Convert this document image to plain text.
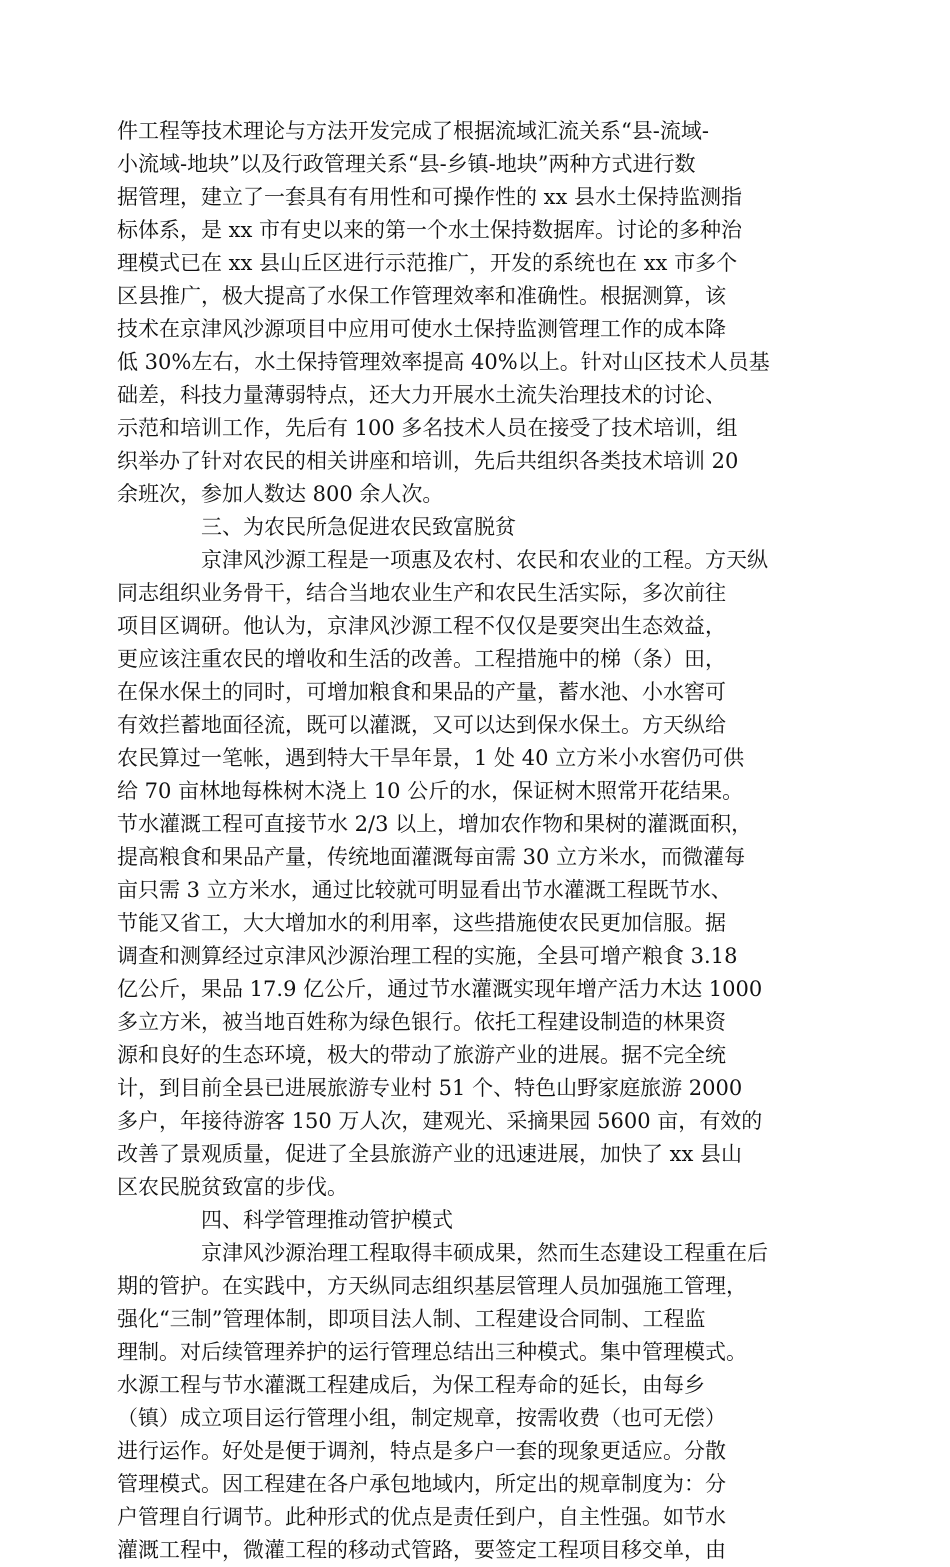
件工程等技术理论与方法开发完成了根据流域汇流关系“县-流域-
小流域-地块”以及行政管理关系“县-乡镇-地块”两种方式进行数
据管理，建立了一套具有有用性和可操作性的 xx 县水土保持监测指
标体系，是 xx 市有史以来的第一个水土保持数据库。讨论的多种治
理模式已在 xx 县山丘区进行示范推广，开发的系统也在 xx 市多个
区县推广，极大提高了水保工作管理效率和准确性。根据测算，该
技术在京津风沙源项目中应用可使水土保持监测管理工作的成本降
低 30%左右，水土保持管理效率提高 40%以上。针对山区技术人员基
础差，科技力量薄弱特点，还大力开展水土流失治理技术的讨论、
示范和培训工作，先后有 100 多名技术人员在接受了技术培训，组
织举办了针对农民的相关讲座和培训，先后共组织各类技术培训 20
余班次，参加人数达 800 余人次。
三、为农民所急促进农民致富脱贫
京津风沙源工程是一项惠及农村、农民和农业的工程。方天纵
同志组织业务骨干，结合当地农业生产和农民生活实际，多次前往
项目区调研。他认为，京津风沙源工程不仅仅是要突出生态效益，
更应该注重农民的增收和生活的改善。工程措施中的梯（条）田，
在保水保土的同时，可增加粮食和果品的产量，蓄水池、小水窖可
有效拦蓄地面径流，既可以灌溉，又可以达到保水保土。方天纵给
农民算过一笔帐，遇到特大干旱年景，1 处 40 立方米小水窖仍可供
给 70 亩林地每株树木浇上 10 公斤的水，保证树木照常开花结果。
节水灌溉工程可直接节水 2/3 以上，增加农作物和果树的灌溉面积，
提高粮食和果品产量，传统地面灌溉每亩需 30 立方米水，而微灌每
亩只需 3 立方米水，通过比较就可明显看出节水灌溉工程既节水、
节能又省工，大大增加水的利用率，这些措施使农民更加信服。据
调查和测算经过京津风沙源治理工程的实施，全县可增产粮食 3.18
亿公斤，果品 17.9 亿公斤，通过节水灌溉实现年增产活力木达 1000
多立方米，被当地百姓称为绿色银行。依托工程建设制造的林果资
源和良好的生态环境，极大的带动了旅游产业的进展。据不完全统
计，到目前全县已进展旅游专业村 51 个、特色山野家庭旅游 2000
多户，年接待游客 150 万人次，建观光、采摘果园 5600 亩，有效的
改善了景观质量，促进了全县旅游产业的迅速进展，加快了 xx 县山
区农民脱贫致富的步伐。
四、科学管理推动管护模式
京津风沙源治理工程取得丰硕成果，然而生态建设工程重在后
期的管护。在实践中，方天纵同志组织基层管理人员加强施工管理，
强化“三制”管理体制，即项目法人制、工程建设合同制、工程监
理制。对后续管理养护的运行管理总结出三种模式。集中管理模式。
水源工程与节水灌溉工程建成后，为保工程寿命的延长，由每乡
（镇）成立项目运行管理小组，制定规章，按需收费（也可无偿）
进行运作。好处是便于调剂，特点是多户一套的现象更适应。分散
管理模式。因工程建在各户承包地域内，所定出的规章制度为：分
户管理自行调节。此种形式的优点是责任到户，自主性强。如节水
灌溉工程中，微灌工程的移动式管路，要签定工程项目移交单，由
